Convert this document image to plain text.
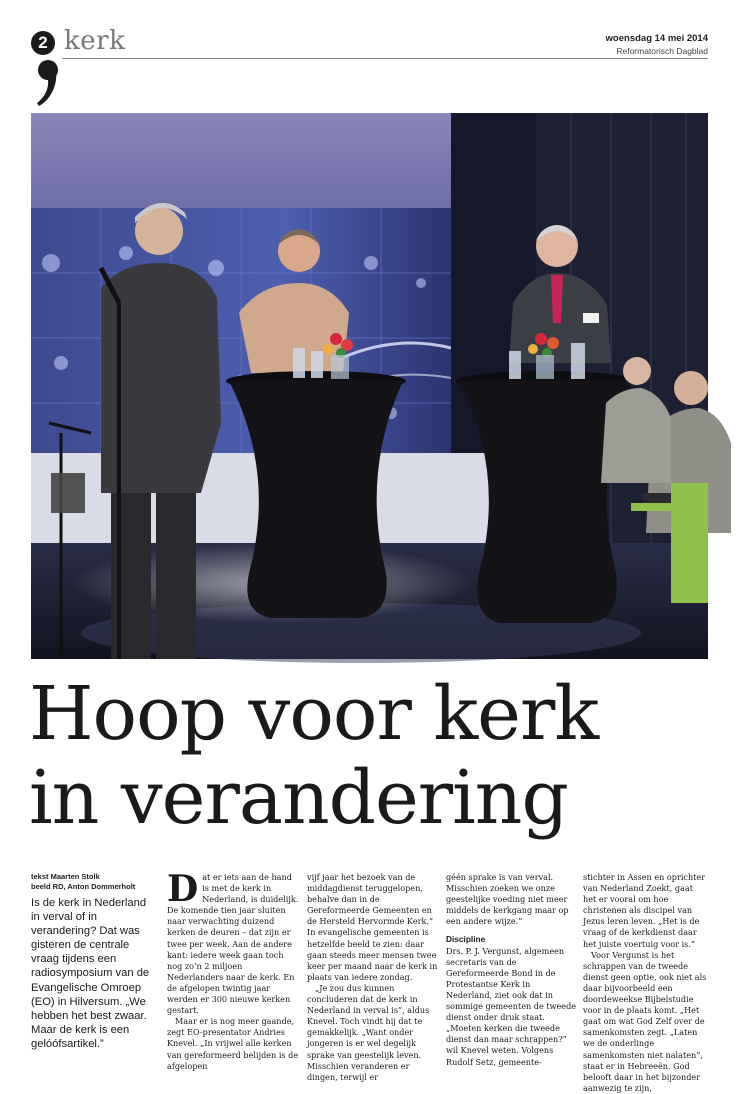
2 kerk	woensdag 14 mei 2014
Reformatorisch Dagblad
Hoop voor kerk
in verandering
tekst Maarten Stolk
beeld RD, Anton Dommerholt
Is de kerk in Nederland in verval of in verandering? Dat was gisteren de centrale vraag tijdens een radiosymposium van de Evangelische Omroep (EO) in Hilversum. „We hebben het best zwaar. Maar de kerk is een gelóófsartikel.”
D at er iets aan de hand is met de kerk in Nederland, is duidelijk. De komende tien jaar sluiten naar verwachting duizend kerken de deuren – dat zijn er twee per week. Aan de andere kant: iedere week gaan toch nog zo’n 2 miljoen Nederlanders naar de kerk. En de afgelopen twintig jaar werden er 300 nieuwe kerken gestart.

Maar er is nog meer gaande, zegt EO-presentator Andries Knevel. „In vrijwel alle kerken van gereformeerd belijden is de afgelopen

vijf jaar het bezoek van de middagdienst teruggelopen, behalve dan in de Gereformeerde Gemeenten en de Hersteld Hervormde Kerk.” In evangelische gemeenten is hetzelfde beeld te zien: daar gaan steeds meer mensen twee keer per maand naar de kerk in plaats van iedere zondag.

„Je zou dus kunnen concluderen dat de kerk in Nederland in verval is”, aldus Knevel. Toch vindt hij dat te gemakkelijk. „Want onder jongeren is er wel degelijk sprake van geestelijk leven. Misschien veranderen er dingen, terwijl er

géén sprake is van verval. Misschien zoeken we onze geestelijke voeding niet meer middels de kerkgang maar op een andere wijze.”

Discipline

Drs. P. J. Vergunst, algemeen secretaris van de Gereformeerde Bond in de Protestantse Kerk in Nederland, ziet ook dat in sommige gemeenten de tweede dienst onder druk staat. „Moeten kerken die tweede dienst dan maar schrappen?” wil Knevel weten. Volgens Rudolf Setz, gemeente-

stichter in Assen en oprichter van Nederland Zoekt, gaat het er vooral om hoe christenen als discipel van Jezus leren leven. „Het is de vraag of de kerkdienst daar het juiste voertuig voor is.”

Voor Vergunst is het schrappen van de tweede dienst geen optie, ook niet als daar bijvoorbeeld een doordeweekse Bijbelstudie voor in de plaats komt. „Het gaat om wat God Zelf over de samenkomsten zegt. „Laten we de onderlinge samenkomsten niet nalaten”, staat er in Hebreeën. God belooft daar in het bijzonder aanwezig te zijn,
